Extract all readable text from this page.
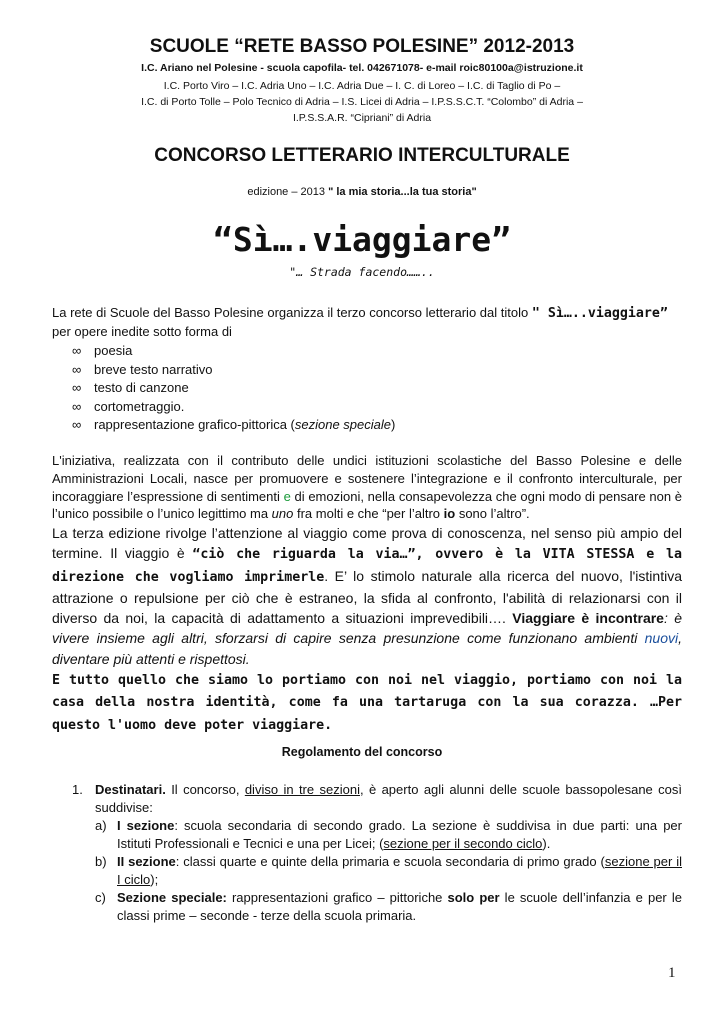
SCUOLE “RETE BASSO POLESINE” 2012-2013
I.C. Ariano nel Polesine - scuola capofila- tel. 042671078- e-mail roic80100a@istruzione.it
I.C. Porto Viro – I.C. Adria Uno – I.C. Adria Due – I. C. di Loreo – I.C. di Taglio di Po –
I.C. di Porto Tolle – Polo Tecnico di Adria – I.S. Licei di Adria – I.P.S.S.C.T. “Colombo” di Adria –
I.P.S.S.A.R. “Cipriani” di Adria
CONCORSO LETTERARIO INTERCULTURALE
edizione – 2013 " la mia storia...la tua storia"
“Sì….viaggiare”
"… Strada facendo……..
La rete di Scuole del Basso Polesine organizza il terzo concorso letterario dal titolo " Sì…..viaggiare”
per opere inedite sotto forma di
∞ poesia
∞ breve testo narrativo
∞ testo di canzone
∞ cortometraggio.
∞ rappresentazione grafico-pittorica (sezione speciale)
L'iniziativa, realizzata con il contributo delle undici istituzioni scolastiche del Basso Polesine e delle Amministrazioni Locali, nasce per promuovere e sostenere l’integrazione e il confronto interculturale, per incoraggiare l’espressione di sentimenti e di emozioni, nella consapevolezza che ogni modo di pensare non è l’unico possibile o l’unico legittimo ma uno fra molti e che “per l’altro io sono l’altro”.
La terza edizione rivolge l’attenzione al viaggio come prova di conoscenza, nel senso più ampio del termine. Il viaggio è “ciò che riguarda la via…”, ovvero è la VITA STESSA e la direzione che vogliamo imprimerle. E’ lo stimolo naturale alla ricerca del nuovo, l'istintiva attrazione o repulsione per ciò che è estraneo, la sfida al confronto, l'abilità di relazionarsi con il diverso da noi, la capacità di adattamento a situazioni imprevedibili…. Viaggiare è incontrare: è vivere insieme agli altri, sforzarsi di capire senza presunzione come funzionano ambienti nuovi, diventare più attenti e rispettosi.
E tutto quello che siamo lo portiamo con noi nel viaggio, portiamo con noi la casa della nostra identità, come fa una tartaruga con la sua corazza. …Per questo l'uomo deve poter viaggiare.
Regolamento del concorso
1. Destinatari. Il concorso, diviso in tre sezioni, è aperto agli alunni delle scuole bassopolesane così suddivise:
a) I sezione: scuola secondaria di secondo grado. La sezione è suddivisa in due parti: una per Istituti Professionali e Tecnici e una per Licei; (sezione per il secondo ciclo).
b) II sezione: classi quarte e quinte della primaria e scuola secondaria di primo grado (sezione per il I ciclo);
c) Sezione speciale: rappresentazioni grafico – pittoriche solo per le scuole dell’infanzia e per le classi prime – seconde - terze della scuola primaria.
1
